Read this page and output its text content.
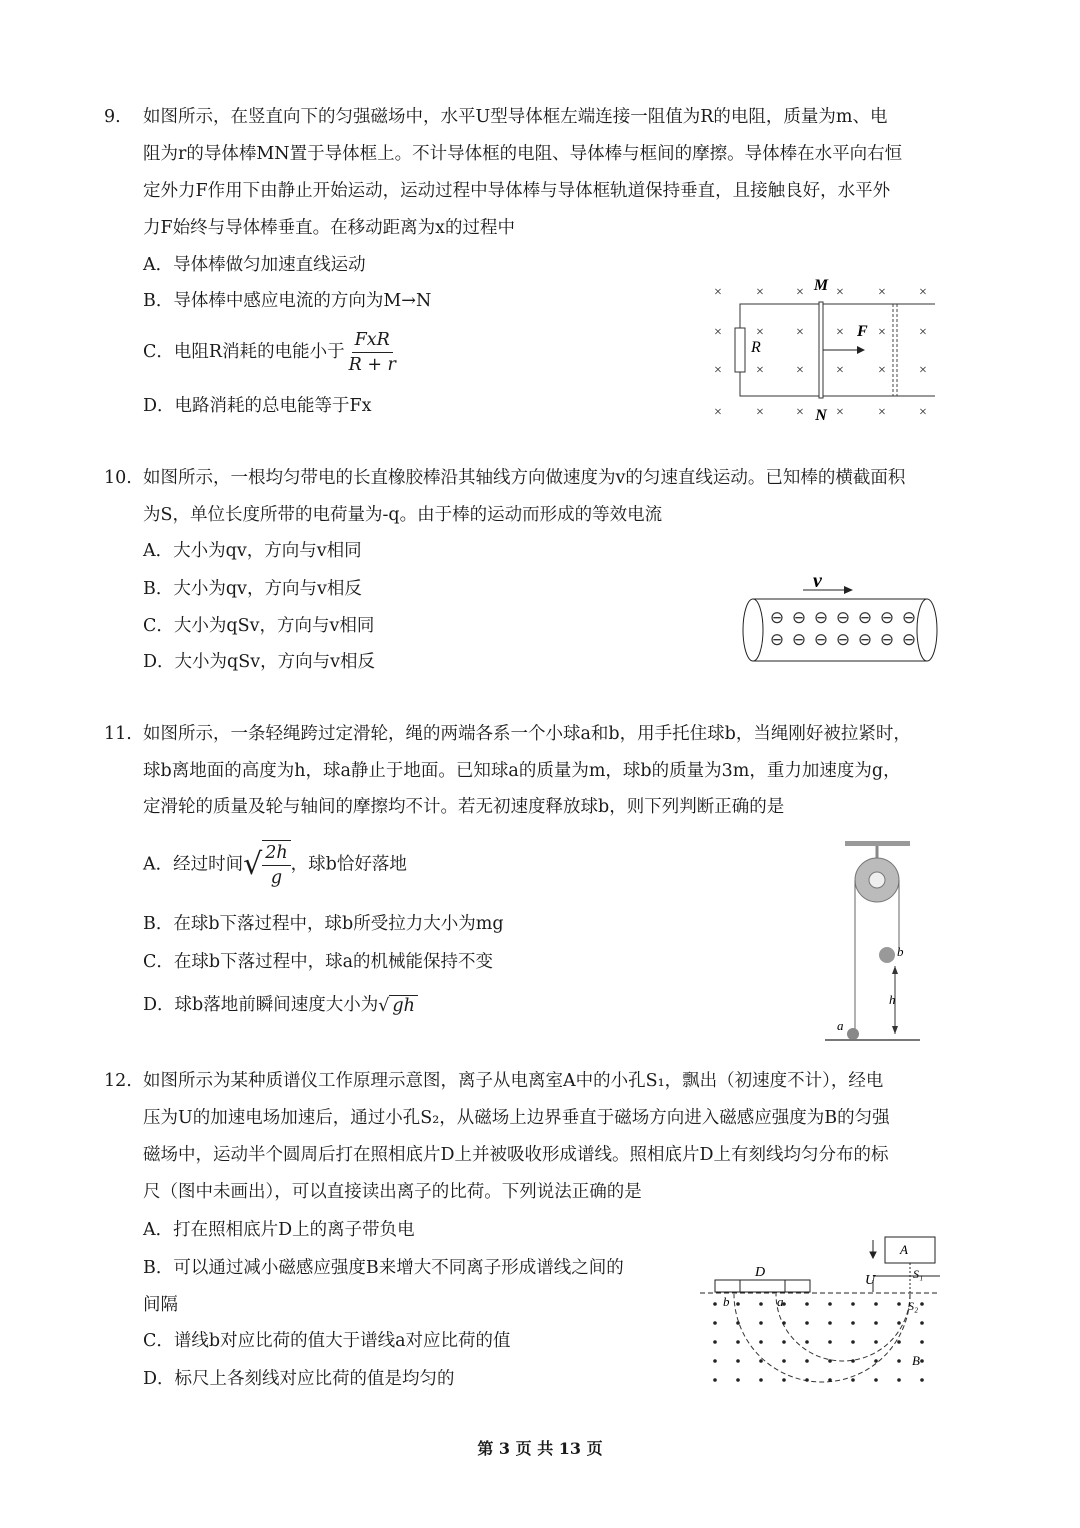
9. 如图所示，在竖直向下的匀强磁场中，水平U型导体框左端连接一阻值为R的电阻，质量为m、电
阻为r的导体棒MN置于导体框上。不计导体框的电阻、导体棒与框间的摩擦。导体棒在水平向右恒
定外力F作用下由静止开始运动，运动过程中导体棒与导体框轨道保持垂直，且接触良好，水平外
力F始终与导体棒垂直。在移动距离为x的过程中
A．导体棒做匀加速直线运动
B．导体棒中感应电流的方向为M→N
C．电阻R消耗的电能小于 $\frac{\text{FxR}}{R + r}$
D．电路消耗的总电能等于Fx
× × × × × ×
× × × × × ×
× × × × × ×
× × × × × ×
M
N
R
F
10. 如图所示，一根均匀带电的长直橡胶棒沿其轴线方向做速度为v的匀速直线运动。已知棒的横截面积
为S，单位长度所带的电荷量为-q。由于棒的运动而形成的等效电流
A．大小为qv，方向与v相同
B．大小为qv，方向与v相反
C．大小为qSv，方向与v相同
D．大小为qSv，方向与v相反
v
⊖ ⊖ ⊖ ⊖ ⊖ ⊖ ⊖
⊖ ⊖ ⊖ ⊖ ⊖ ⊖ ⊖
11. 如图所示，一条轻绳跨过定滑轮，绳的两端各系一个小球a和b，用手托住球b，当绳刚好被拉紧时，
球b离地面的高度为h，球a静止于地面。已知球a的质量为m，球b的质量为3m，重力加速度为g，
定滑轮的质量及轮与轴间的摩擦均不计。若无初速度释放球b，则下列判断正确的是
A．经过时间√ $\frac{2h}{g}$ ，球b恰好落地
B．在球b下落过程中，球b所受拉力大小为mg
C．在球b下落过程中，球a的机械能保持不变
D．球b落地前瞬间速度大小为√ gh
b
h
a
12. 如图所示为某种质谱仪工作原理示意图，离子从电离室A中的小孔S₁，飘出（初速度不计），经电
压为U的加速电场加速后，通过小孔S₂，从磁场上边界垂直于磁场方向进入磁感应强度为B的匀强
磁场中，运动半个圆周后打在照相底片D上并被吸收形成谱线。照相底片D上有刻线均匀分布的标
尺（图中未画出），可以直接读出离子的比荷。下列说法正确的是
A．打在照相底片D上的离子带负电
B．可以通过减小磁感应强度B来增大不同离子形成谱线之间的
间隔
C．谱线b对应比荷的值大于谱线a对应比荷的值
D．标尺上各刻线对应比荷的值是均匀的
A
D
U	S₁
S₂
B
a
b
第 3 页 共 13 页
